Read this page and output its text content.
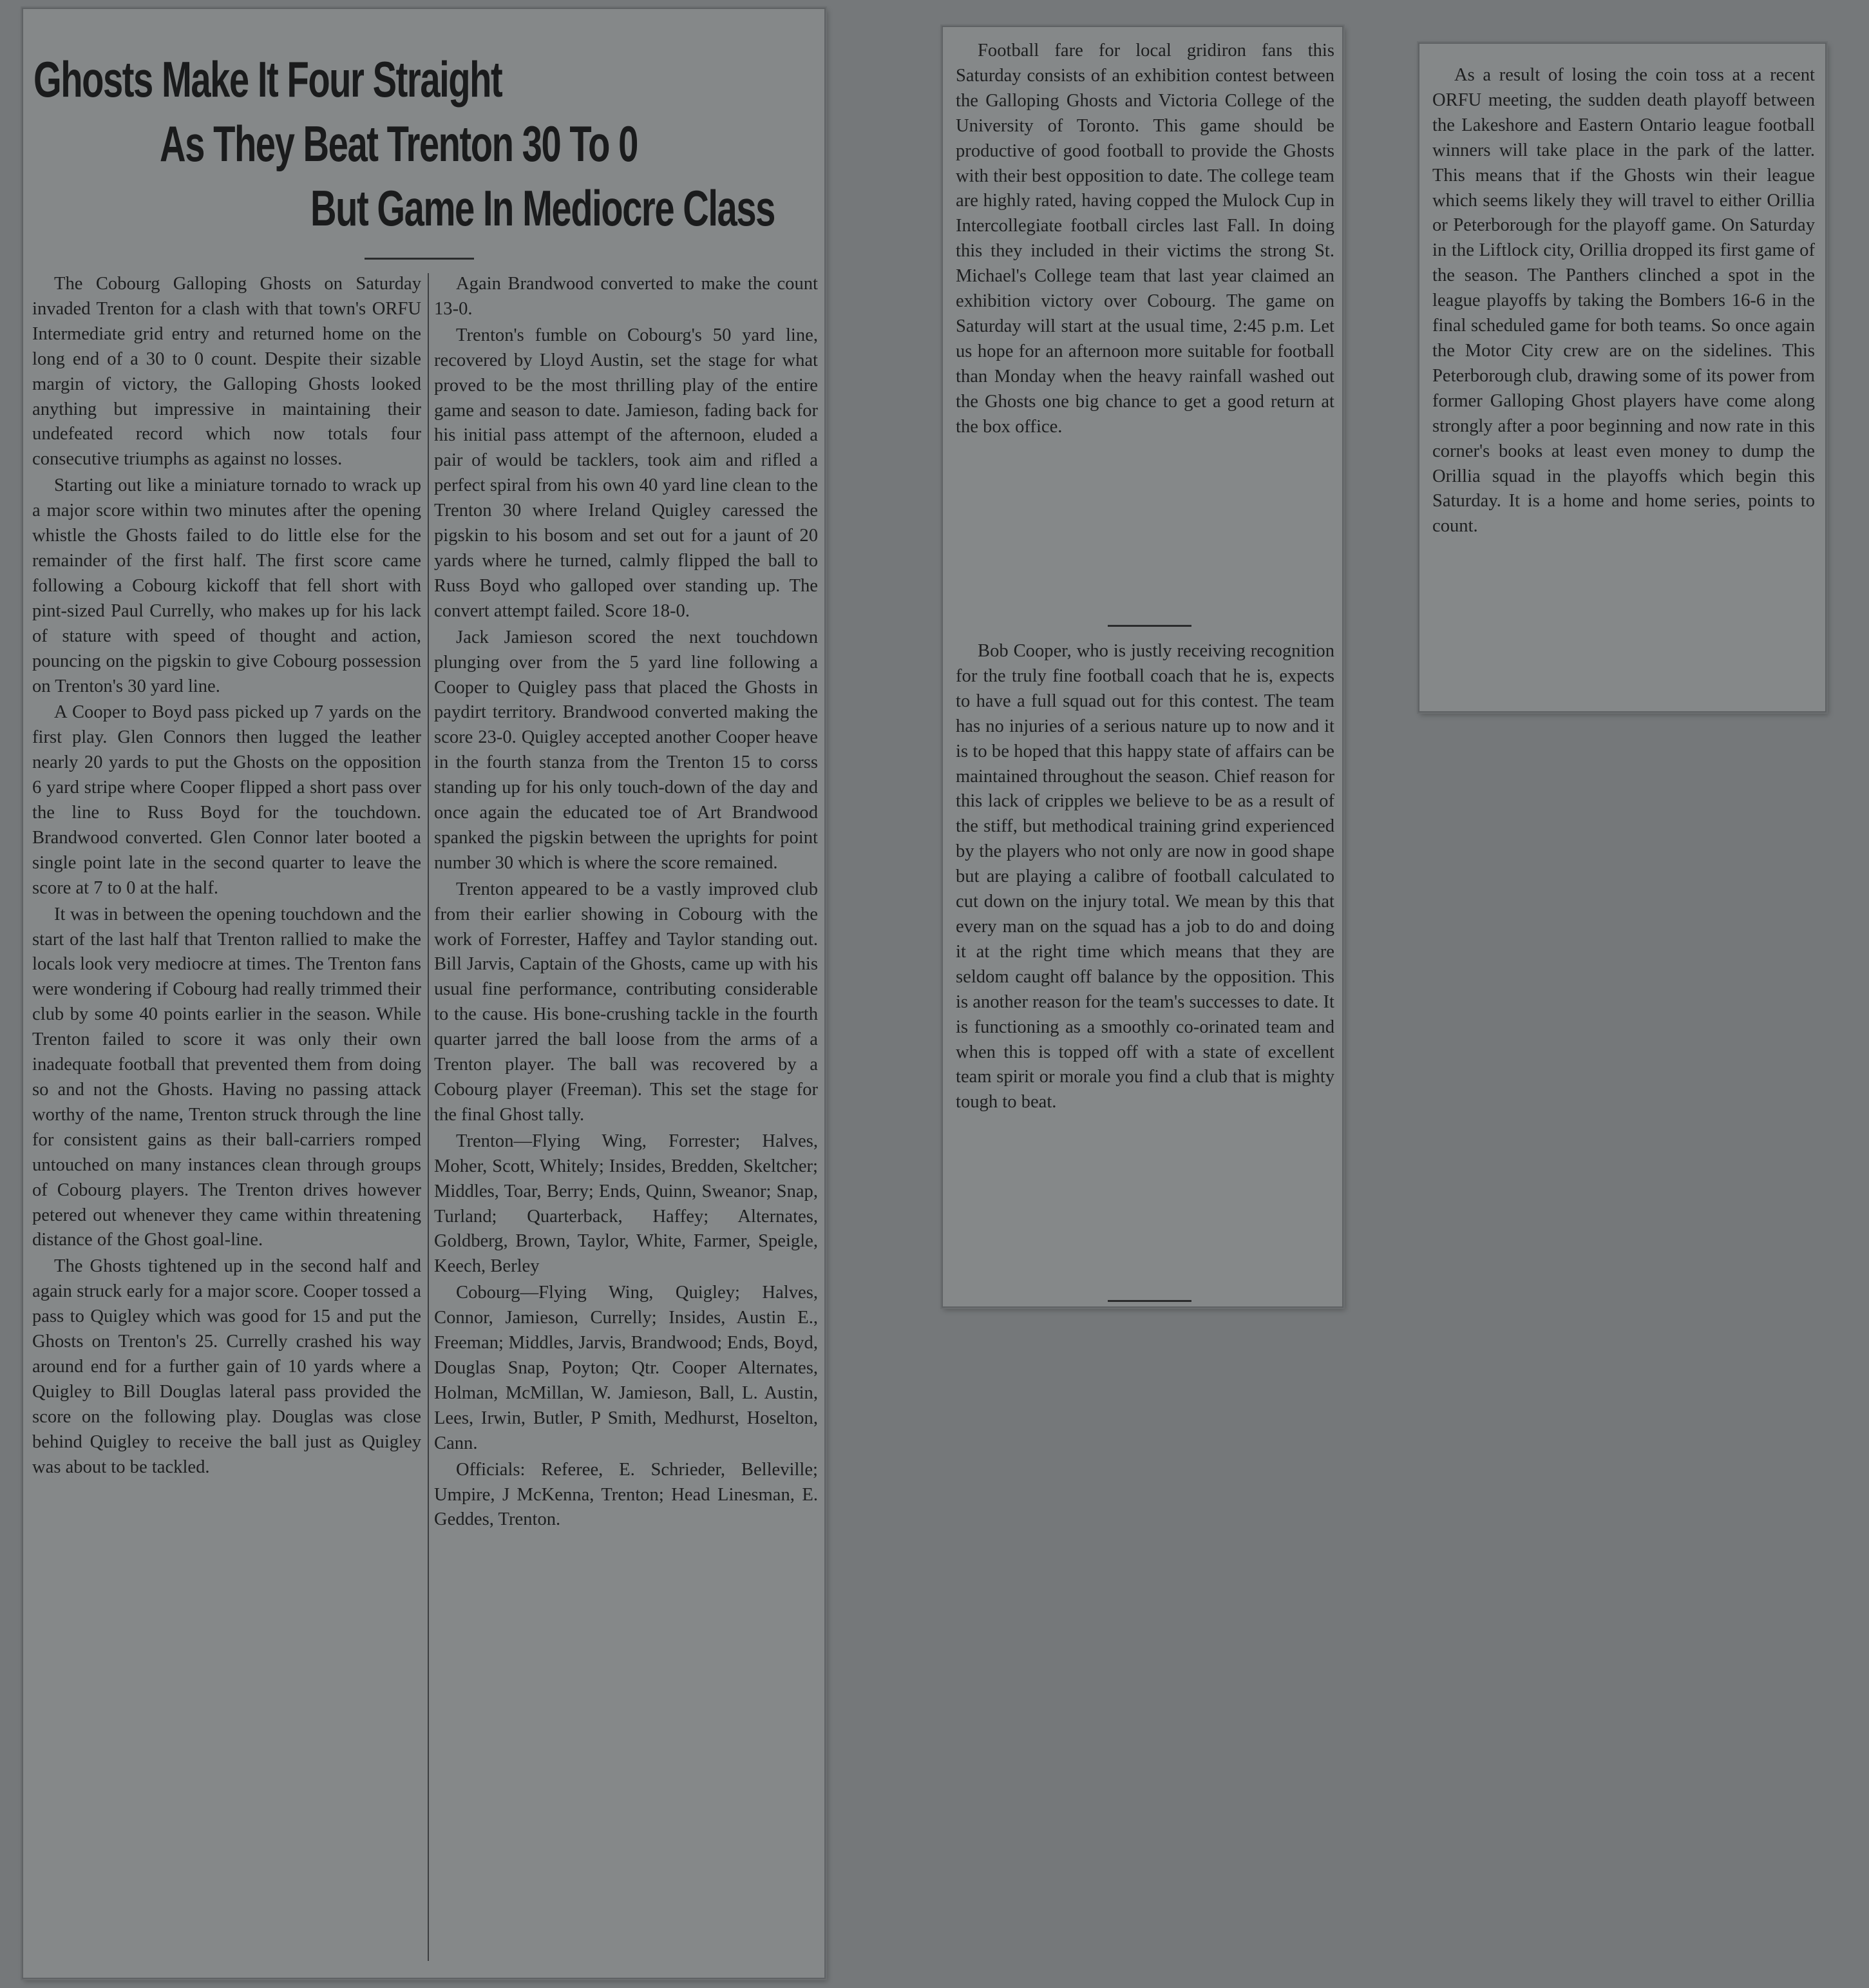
Ghosts Make It Four Straight
As They Beat Trenton 30 To 0
But Game In Mediocre Class

The Cobourg Galloping Ghosts on Saturday invaded Trenton for a clash with that town's ORFU Intermediate grid entry and returned home on the long end of a 30 to 0 count. Despite their sizable margin of victory, the Galloping Ghosts looked anything but impressive in maintaining their undefeated record which now totals four consecutive triumphs as against no losses.

Starting out like a miniature tornado to wrack up a major score within two minutes after the opening whistle the Ghosts failed to do little else for the remainder of the first half. The first score came following a Cobourg kickoff that fell short with pint-sized Paul Currelly, who makes up for his lack of stature with speed of thought and action, pouncing on the pigskin to give Cobourg possession on Trenton's 30 yard line.

A Cooper to Boyd pass picked up 7 yards on the first play. Glen Connors then lugged the leather nearly 20 yards to put the Ghosts on the opposition 6 yard stripe where Cooper flipped a short pass over the line to Russ Boyd for the touchdown. Brandwood converted. Glen Connor later booted a single point late in the second quarter to leave the score at 7 to 0 at the half.

It was in between the opening touchdown and the start of the last half that Trenton rallied to make the locals look very mediocre at times. The Trenton fans were wondering if Cobourg had really trimmed their club by some 40 points earlier in the season. While Trenton failed to score it was only their own inadequate football that prevented them from doing so and not the Ghosts. Having no passing attack worthy of the name, Trenton struck through the line for consistent gains as their ball-carriers romped untouched on many instances clean through groups of Cobourg players. The Trenton drives however petered out whenever they came within threatening distance of the Ghost goal-line.

The Ghosts tightened up in the second half and again struck early for a major score. Cooper tossed a pass to Quigley which was good for 15 and put the Ghosts on Trenton's 25. Currelly crashed his way around end for a further gain of 10 yards where a Quigley to Bill Douglas lateral pass provided the score on the following play. Douglas was close behind Quigley to receive the ball just as Quigley was about to be tackled.

Again Brandwood converted to make the count 13-0.

Trenton's fumble on Cobourg's 50 yard line, recovered by Lloyd Austin, set the stage for what proved to be the most thrilling play of the entire game and season to date. Jamieson, fading back for his initial pass attempt of the afternoon, eluded a pair of would be tacklers, took aim and rifled a perfect spiral from his own 40 yard line clean to the Trenton 30 where Ireland Quigley caressed the pigskin to his bosom and set out for a jaunt of 20 yards where he turned, calmly flipped the ball to Russ Boyd who galloped over standing up. The convert attempt failed. Score 18-0.

Jack Jamieson scored the next touchdown plunging over from the 5 yard line following a Cooper to Quigley pass that placed the Ghosts in paydirt territory. Brandwood converted making the score 23-0. Quigley accepted another Cooper heave in the fourth stanza from the Trenton 15 to corss standing up for his only touch-down of the day and once again the educated toe of Art Brandwood spanked the pigskin between the uprights for point number 30 which is where the score remained.

Trenton appeared to be a vastly improved club from their earlier showing in Cobourg with the work of Forrester, Haffey and Taylor standing out. Bill Jarvis, Captain of the Ghosts, came up with his usual fine performance, contributing considerable to the cause. His bone-crushing tackle in the fourth quarter jarred the ball loose from the arms of a Trenton player. The ball was recovered by a Cobourg player (Freeman). This set the stage for the final Ghost tally.

Trenton—Flying Wing, Forrester; Halves, Moher, Scott, Whitely; Insides, Bredden, Skeltcher; Middles, Toar, Berry; Ends, Quinn, Sweanor; Snap, Turland; Quarterback, Haffey; Alternates, Goldberg, Brown, Taylor, White, Farmer, Speigle, Keech, Berley

Cobourg—Flying Wing, Quigley; Halves, Connor, Jamieson, Currelly; Insides, Austin E., Freeman; Middles, Jarvis, Brandwood; Ends, Boyd, Douglas Snap, Poyton; Qtr. Cooper Alternates, Holman, McMillan, W. Jamieson, Ball, L. Austin, Lees, Irwin, Butler, P Smith, Medhurst, Hoselton, Cann.

Officials: Referee, E. Schrieder, Belleville; Umpire, J McKenna, Trenton; Head Linesman, E. Geddes, Trenton.

Football fare for local gridiron fans this Saturday consists of an exhibition contest between the Galloping Ghosts and Victoria College of the University of Toronto. This game should be productive of good football to provide the Ghosts with their best opposition to date. The college team are highly rated, having copped the Mulock Cup in Intercollegiate football circles last Fall. In doing this they included in their victims the strong St. Michael's College team that last year claimed an exhibition victory over Cobourg. The game on Saturday will start at the usual time, 2:45 p.m. Let us hope for an afternoon more suitable for football than Monday when the heavy rainfall washed out the Ghosts one big chance to get a good return at the box office.

Bob Cooper, who is justly receiving recognition for the truly fine football coach that he is, expects to have a full squad out for this contest. The team has no injuries of a serious nature up to now and it is to be hoped that this happy state of affairs can be maintained throughout the season. Chief reason for this lack of cripples we believe to be as a result of the stiff, but methodical training grind experienced by the players who not only are now in good shape but are playing a calibre of football calculated to cut down on the injury total. We mean by this that every man on the squad has a job to do and doing it at the right time which means that they are seldom caught off balance by the opposition. This is another reason for the team's successes to date. It is functioning as a smoothly co-orinated team and when this is topped off with a state of excellent team spirit or morale you find a club that is mighty tough to beat.

As a result of losing the coin toss at a recent ORFU meeting, the sudden death playoff between the Lakeshore and Eastern Ontario league football winners will take place in the park of the latter. This means that if the Ghosts win their league which seems likely they will travel to either Orillia or Peterborough for the playoff game. On Saturday in the Liftlock city, Orillia dropped its first game of the season. The Panthers clinched a spot in the league playoffs by taking the Bombers 16-6 in the final scheduled game for both teams. So once again the Motor City crew are on the sidelines. This Peterborough club, drawing some of its power from former Galloping Ghost players have come along strongly after a poor beginning and now rate in this corner's books at least even money to dump the Orillia squad in the playoffs which begin this Saturday. It is a home and home series, points to count.
